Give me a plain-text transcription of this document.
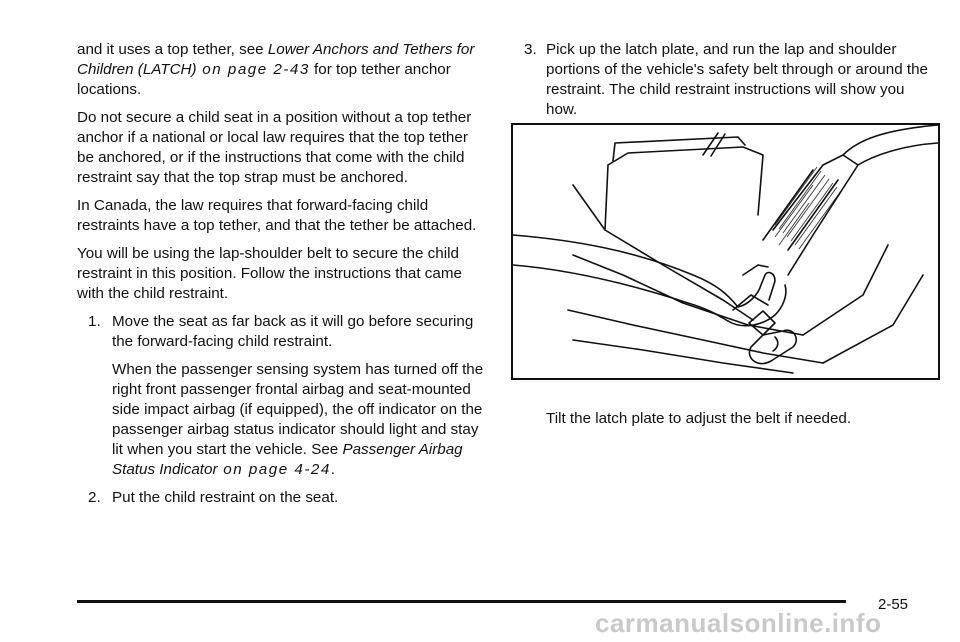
and it uses a top tether, see Lower Anchors and Tethers for Children (LATCH) on page 2‑43 for top tether anchor locations.

Do not secure a child seat in a position without a top tether anchor if a national or local law requires that the top tether be anchored, or if the instructions that come with the child restraint say that the top strap must be anchored.

In Canada, the law requires that forward-facing child restraints have a top tether, and that the tether be attached.

You will be using the lap-shoulder belt to secure the child restraint in this position. Follow the instructions that came with the child restraint.

1. Move the seat as far back as it will go before securing the forward-facing child restraint.
When the passenger sensing system has turned off the right front passenger frontal airbag and seat-mounted side impact airbag (if equipped), the off indicator on the passenger airbag status indicator should light and stay lit when you start the vehicle. See Passenger Airbag Status Indicator on page 4‑24.
2. Put the child restraint on the seat.
3. Pick up the latch plate, and run the lap and shoulder portions of the vehicle's safety belt through or around the restraint. The child restraint instructions will show you how.
Tilt the latch plate to adjust the belt if needed.
2-55
carmanualsonline.info
